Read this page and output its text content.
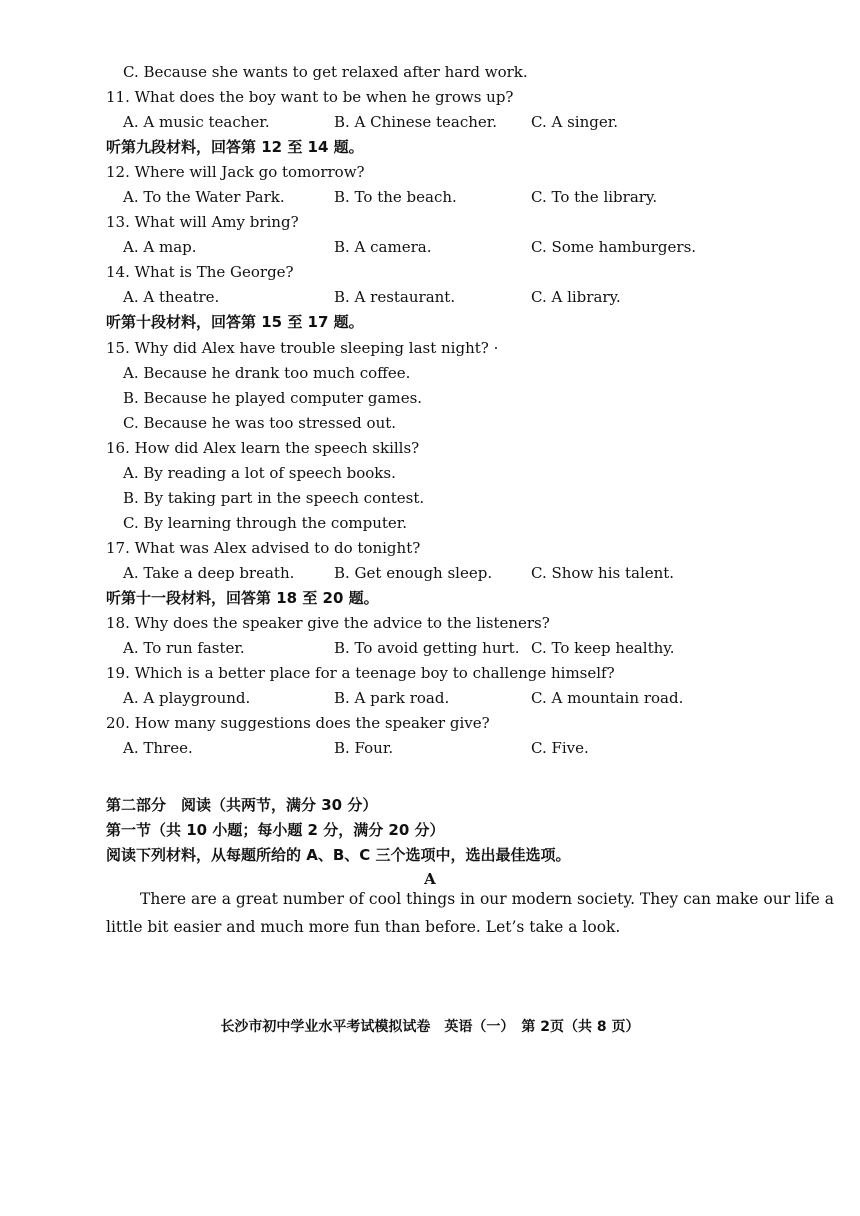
C. Because she wants to get relaxed after hard work.
11. What does the boy want to be when he grows up?
A. A music teacher.	B. A Chinese teacher. C. A singer.
听第九段材料，回答第 12 至 14 题。
12. Where will Jack go tomorrow?
A. To the Water Park.	B. To the beach.	C. To the library.
13. What will Amy bring?
A. A map.	B. A camera.	C. Some hamburgers.
14. What is The George?
A. A theatre.	B. A restaurant.	C. A library.
听第十段材料，回答第 15 至 17 题。
15. Why did Alex have trouble sleeping last night? ·
A. Because he drank too much coffee.
B. Because he played computer games.
C. Because he was too stressed out.
16. How did Alex learn the speech skills?
A. By reading a lot of speech books.
B. By taking part in the speech contest.
C. By learning through the computer.
17. What was Alex advised to do tonight?
A. Take a deep breath.	B. Get enough sleep.	C. Show his talent.
听第十一段材料，回答第 18 至 20 题。
18. Why does the speaker give the advice to the listeners?
A. To run faster.	B. To avoid getting hurt. C. To keep healthy.
19. Which is a better place for a teenage boy to challenge himself?
A. A playground.	B. A park road.	C. A mountain road.
20. How many suggestions does the speaker give?
A. Three.	B. Four.	C. Five.
第二部分　阅读（共两节，满分 30 分）
第一节（共 10 小题；每小题 2 分，满分 20 分）
阅读下列材料，从每题所给的 A、B、C 三个选项中，选出最佳选项。
A
There are a great number of cool things in our modern society. They can make our life a
little bit easier and much more fun than before. Let’s take a look.
长沙市初中学业水平考试模拟试卷　英语（一）　第 2页（共 8 页）
